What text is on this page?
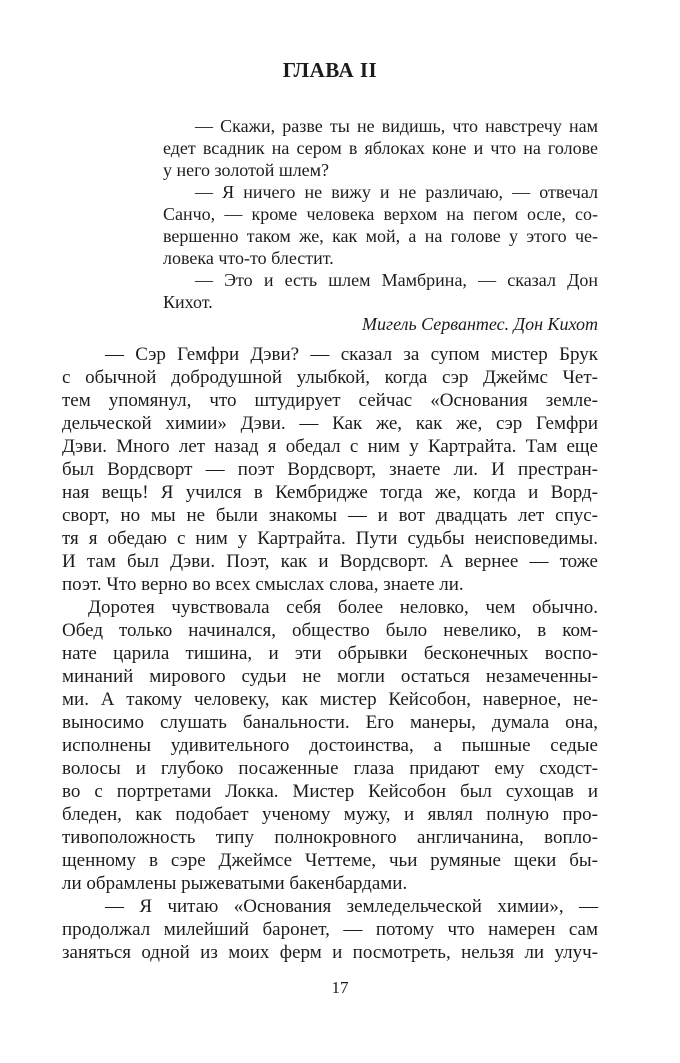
ГЛАВА II
— Скажи, разве ты не видишь, что навстречу нам
едет всадник на сером в яблоках коне и что на голове
у него золотой шлем?
— Я ничего не вижу и не различаю, — отвечал
Санчо, — кроме человека верхом на пегом осле, со-
вершенно таком же, как мой, а на голове у этого че-
ловека что-то блестит.
— Это и есть шлем Мамбрина, — сказал Дон
Кихот.
Мигель Сервантес. Дон Кихот
— Сэр Гемфри Дэви? — сказал за супом мистер Брук
с обычной добродушной улыбкой, когда сэр Джеймс Чет-
тем упомянул, что штудирует сейчас «Основания земле-
дельческой химии» Дэви. — Как же, как же, сэр Гемфри
Дэви. Много лет назад я обедал с ним у Картрайта. Там еще
был Вордсворт — поэт Вордсворт, знаете ли. И престран-
ная вещь! Я учился в Кембридже тогда же, когда и Ворд-
сворт, но мы не были знакомы — и вот двадцать лет спус-
тя я обедаю с ним у Картрайта. Пути судьбы неисповедимы.
И там был Дэви. Поэт, как и Вордсворт. А вернее — тоже
поэт. Что верно во всех смыслах слова, знаете ли.
Доротея чувствовала себя более неловко, чем обычно.
Обед только начинался, общество было невелико, в ком-
нате царила тишина, и эти обрывки бесконечных воспо-
минаний мирового судьи не могли остаться незамеченны-
ми. А такому человеку, как мистер Кейсобон, наверное, не-
выносимо слушать банальности. Его манеры, думала она,
исполнены удивительного достоинства, а пышные седые
волосы и глубоко посаженные глаза придают ему сходст-
во с портретами Локка. Мистер Кейсобон был сухощав и
бледен, как подобает ученому мужу, и являл полную про-
тивоположность типу полнокровного англичанина, вопло-
щенному в сэре Джеймсе Четтеме, чьи румяные щеки бы-
ли обрамлены рыжеватыми бакенбардами.
— Я читаю «Основания земледельческой химии», —
продолжал милейший баронет, — потому что намерен сам
заняться одной из моих ферм и посмотреть, нельзя ли улуч-
17
